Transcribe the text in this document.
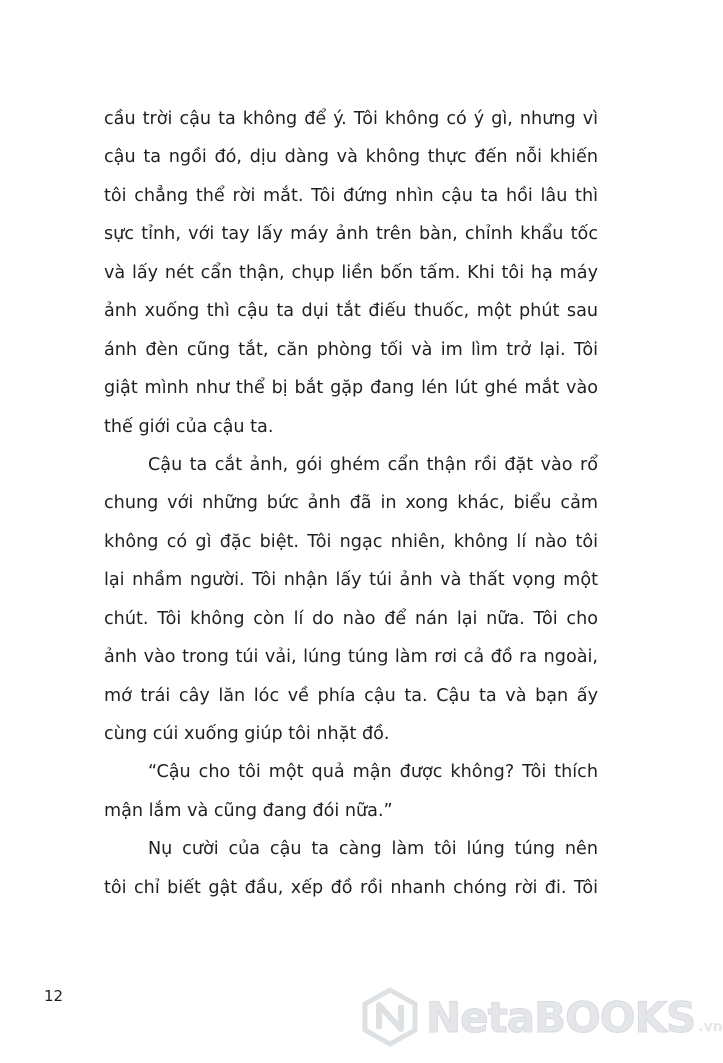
cầu trời cậu ta không để ý. Tôi không có ý gì, nhưng vì
cậu ta ngồi đó, dịu dàng và không thực đến nỗi khiến
tôi chẳng thể rời mắt. Tôi đứng nhìn cậu ta hồi lâu thì
sực tỉnh, với tay lấy máy ảnh trên bàn, chỉnh khẩu tốc
và lấy nét cẩn thận, chụp liền bốn tấm. Khi tôi hạ máy
ảnh xuống thì cậu ta dụi tắt điếu thuốc, một phút sau
ánh đèn cũng tắt, căn phòng tối và im lìm trở lại. Tôi
giật mình như thể bị bắt gặp đang lén lút ghé mắt vào
thế giới của cậu ta.
Cậu ta cắt ảnh, gói ghém cẩn thận rồi đặt vào rổ
chung với những bức ảnh đã in xong khác, biểu cảm
không có gì đặc biệt. Tôi ngạc nhiên, không lí nào tôi
lại nhầm người. Tôi nhận lấy túi ảnh và thất vọng một
chút. Tôi không còn lí do nào để nán lại nữa. Tôi cho
ảnh vào trong túi vải, lúng túng làm rơi cả đồ ra ngoài,
mớ trái cây lăn lóc về phía cậu ta. Cậu ta và bạn ấy
cùng cúi xuống giúp tôi nhặt đồ.
“Cậu cho tôi một quả mận được không? Tôi thích
mận lắm và cũng đang đói nữa.”
Nụ cười của cậu ta càng làm tôi lúng túng nên
tôi chỉ biết gật đầu, xếp đồ rồi nhanh chóng rời đi. Tôi
12	NetaBOOKS .vn
